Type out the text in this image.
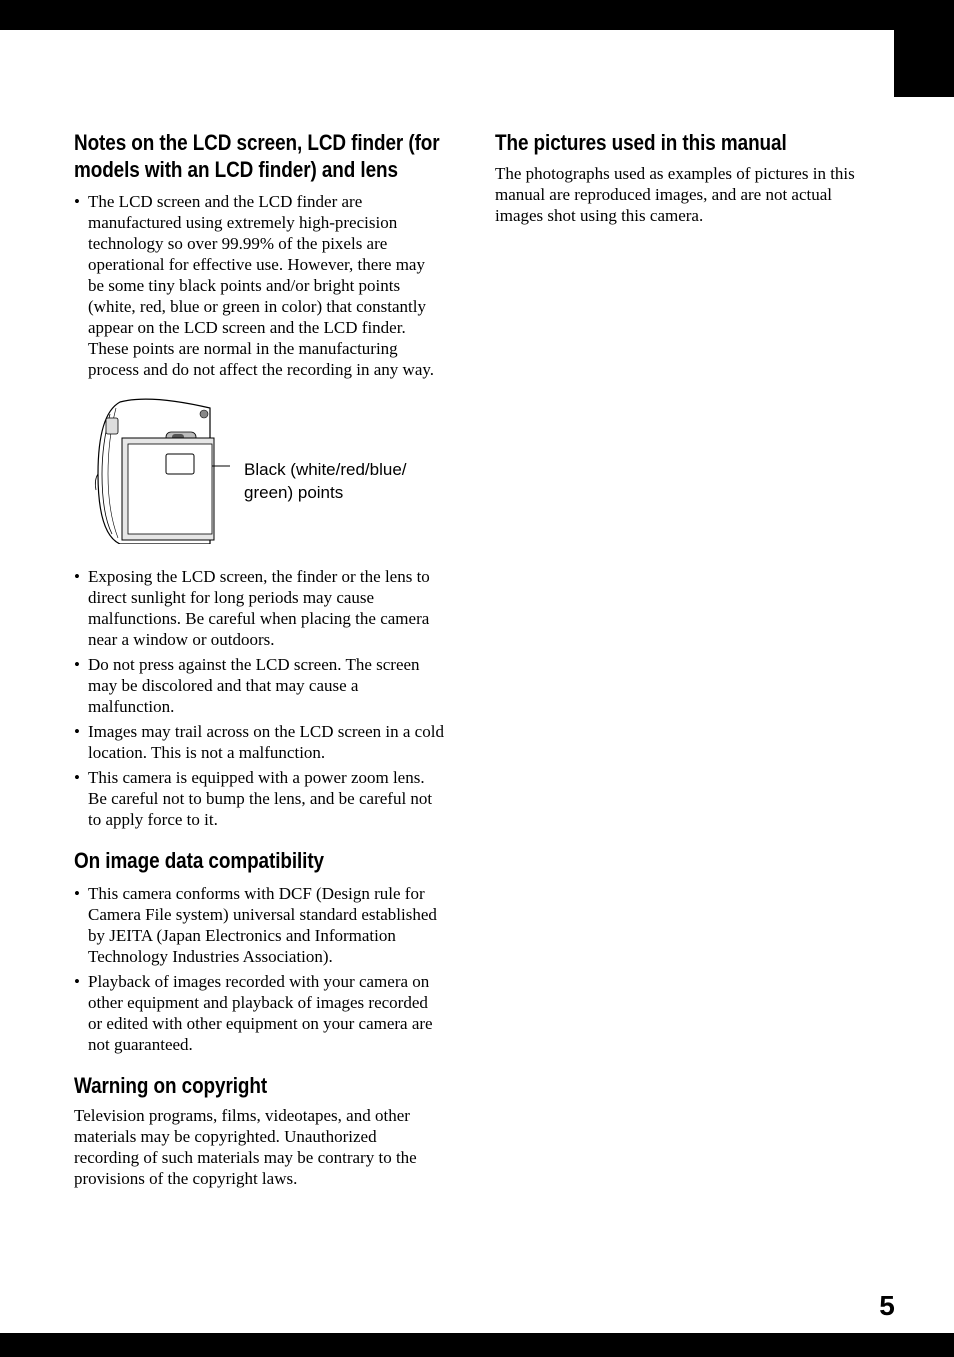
Notes on the LCD screen, LCD finder (for models with an LCD finder) and lens
• The LCD screen and the LCD finder are manufactured using extremely high-precision technology so over 99.99% of the pixels are operational for effective use. However, there may be some tiny black points and/or bright points (white, red, blue or green in color) that constantly appear on the LCD screen and the LCD finder. These points are normal in the manufacturing process and do not affect the recording in any way.
Black (white/red/blue/ green) points
• Exposing the LCD screen, the finder or the lens to direct sunlight for long periods may cause malfunctions. Be careful when placing the camera near a window or outdoors.
• Do not press against the LCD screen. The screen may be discolored and that may cause a malfunction.
• Images may trail across on the LCD screen in a cold location. This is not a malfunction.
• This camera is equipped with a power zoom lens. Be careful not to bump the lens, and be careful not to apply force to it.
On image data compatibility
• This camera conforms with DCF (Design rule for Camera File system) universal standard established by JEITA (Japan Electronics and Information Technology Industries Association).
• Playback of images recorded with your camera on other equipment and playback of images recorded or edited with other equipment on your camera are not guaranteed.
Warning on copyright

Television programs, films, videotapes, and other materials may be copyrighted. Unauthorized recording of such materials may be contrary to the provisions of the copyright laws.

The pictures used in this manual

The photographs used as examples of pictures in this manual are reproduced images, and are not actual images shot using this camera.

5
